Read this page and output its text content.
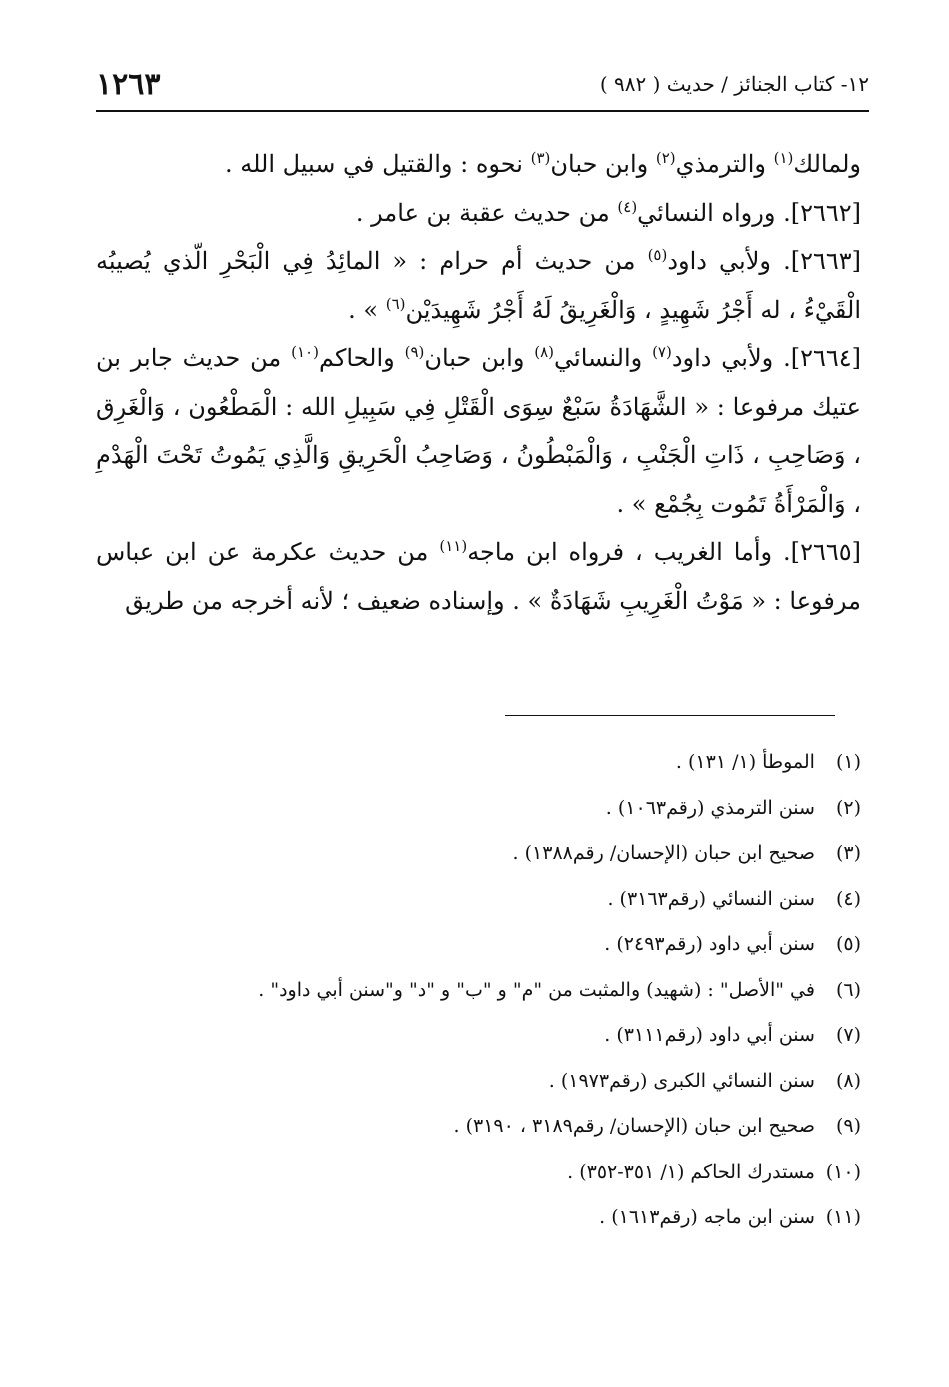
١٢- كتاب الجنائز / حديث ( ٩٨٢ )
١٢٦٣

ولمالك$^{(١)}$ والترمذي$^{(٢)}$ وابن حبان$^{(٣)}$ نحوه : والقتيل في سبيل الله .

[٢٦٦٢]. ورواه النسائي$^{(٤)}$ من حديث عقبة بن عامر .

[٢٦٦٣]. ولأبي داود$^{(٥)}$ من حديث أم حرام : « المائِدُ فِي الْبَحْرِ الّذي يُصيبُه الْقَيْءُ ، له أَجْرُ شَهِيدٍ ، وَالْغَرِيقُ لَهُ أَجْرُ شَهِيدَيْن$^{(٦)}$ » .

[٢٦٦٤]. ولأبي داود$^{(٧)}$ والنسائي$^{(٨)}$ وابن حبان$^{(٩)}$ والحاكم$^{(١٠)}$ من حديث جابر بن عتيك مرفوعا : « الشَّهَادَةُ سَبْعٌ سِوَى الْقَتْلِ فِي سَبِيلِ الله : الْمَطْعُون ، وَالْغَرِق ، وَصَاحِبِ ، ذَاتِ الْجَنْبِ ، وَالْمَبْطُونُ ، وَصَاحِبُ الْحَرِيقِ وَالَّذِي يَمُوتُ تَحْتَ الْهَدْمِ ، وَالْمَرْأَةُ تَمُوت بِجُمْع » .

[٢٦٦٥]. وأما الغريب ، فرواه ابن ماجه$^{(١١)}$ من حديث عكرمة عن ابن عباس مرفوعا : « مَوْتُ الْغَرِيبِ شَهَادَةٌ » . وإسناده ضعيف ؛ لأنه أخرجه من طريق

(١) الموطأ (١/ ١٣١) .
(٢) سنن الترمذي (رقم١٠٦٣) .
(٣) صحيح ابن حبان (الإحسان/ رقم١٣٨٨) .
(٤) سنن النسائي (رقم٣١٦٣) .
(٥) سنن أبي داود (رقم٢٤٩٣) .
(٦) في "الأصل" : (شهيد) والمثبت من "م" و "ب" و "د" و"سنن أبي داود" .
(٧) سنن أبي داود (رقم٣١١١) .
(٨) سنن النسائي الكبرى (رقم١٩٧٣) .
(٩) صحيح ابن حبان (الإحسان/ رقم٣١٨٩ ، ٣١٩٠) .
(١٠) مستدرك الحاكم (١/ ٣٥١-٣٥٢) .
(١١) سنن ابن ماجه (رقم١٦١٣) .
